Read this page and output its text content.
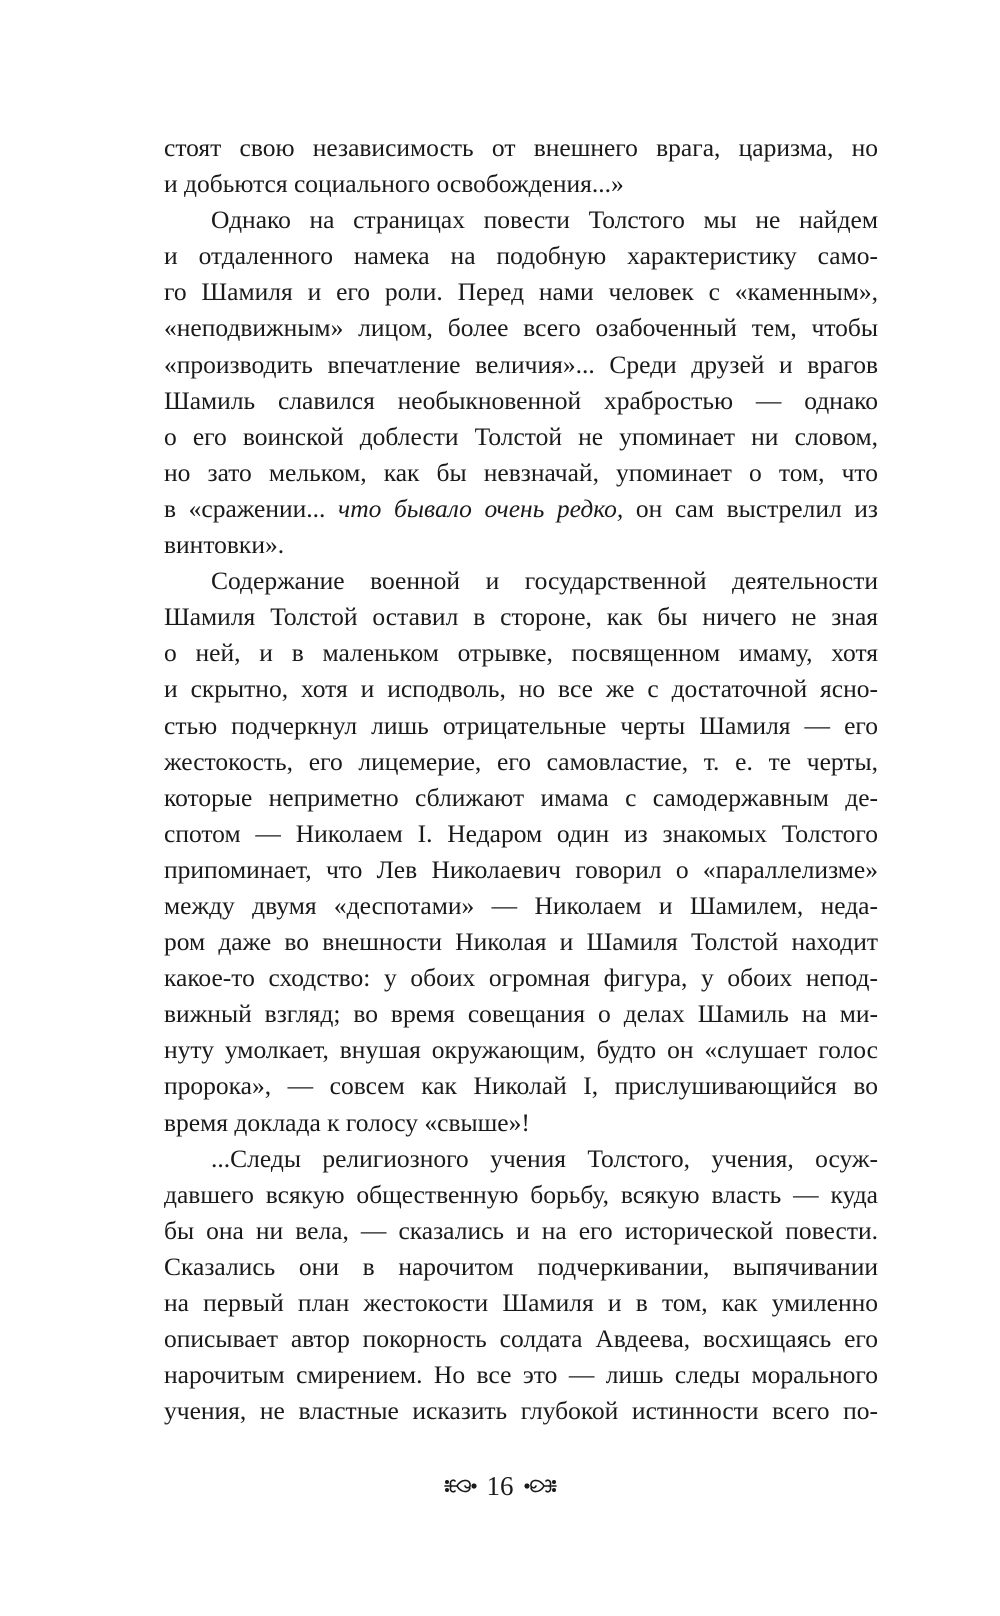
стоят свою независимость от внешнего врага, царизма, но
и добьются социального освобождения...»
Однако на страницах повести Толстого мы не найдем
и отдаленного намека на подобную характеристику само-
го Шамиля и его роли. Перед нами человек с «каменным»,
«неподвижным» лицом, более всего озабоченный тем, чтобы
«производить впечатление величия»... Среди друзей и врагов
Шамиль славился необыкновенной храбростью — однако
о его воинской доблести Толстой не упоминает ни словом,
но зато мельком, как бы невзначай, упоминает о том, что
в «сражении... что бывало очень редко, он сам выстрелил из
винтовки».
Содержание военной и государственной деятельности
Шамиля Толстой оставил в стороне, как бы ничего не зная
о ней, и в маленьком отрывке, посвященном имаму, хотя
и скрытно, хотя и исподволь, но все же с достаточной ясно-
стью подчеркнул лишь отрицательные черты Шамиля — его
жестокость, его лицемерие, его самовластие, т. е. те черты,
которые неприметно сближают имама с самодержавным де-
спотом — Николаем I. Недаром один из знакомых Толстого
припоминает, что Лев Николаевич говорил о «параллелизме»
между двумя «деспотами» — Николаем и Шамилем, неда-
ром даже во внешности Николая и Шамиля Толстой находит
какое-то сходство: у обоих огромная фигура, у обоих непод-
вижный взгляд; во время совещания о делах Шамиль на ми-
нуту умолкает, внушая окружающим, будто он «слушает голос
пророка», — совсем как Николай I, прислушивающийся во
время доклада к голосу «свыше»!
...Следы религиозного учения Толстого, учения, осуж-
давшего всякую общественную борьбу, всякую власть — куда
бы она ни вела, — сказались и на его исторической повести.
Сказались они в нарочитом подчеркивании, выпячивании
на первый план жестокости Шамиля и в том, как умиленно
описывает автор покорность солдата Авдеева, восхищаясь его
нарочитым смирением. Но все это — лишь следы морального
учения, не властные исказить глубокой истинности всего по-
16
